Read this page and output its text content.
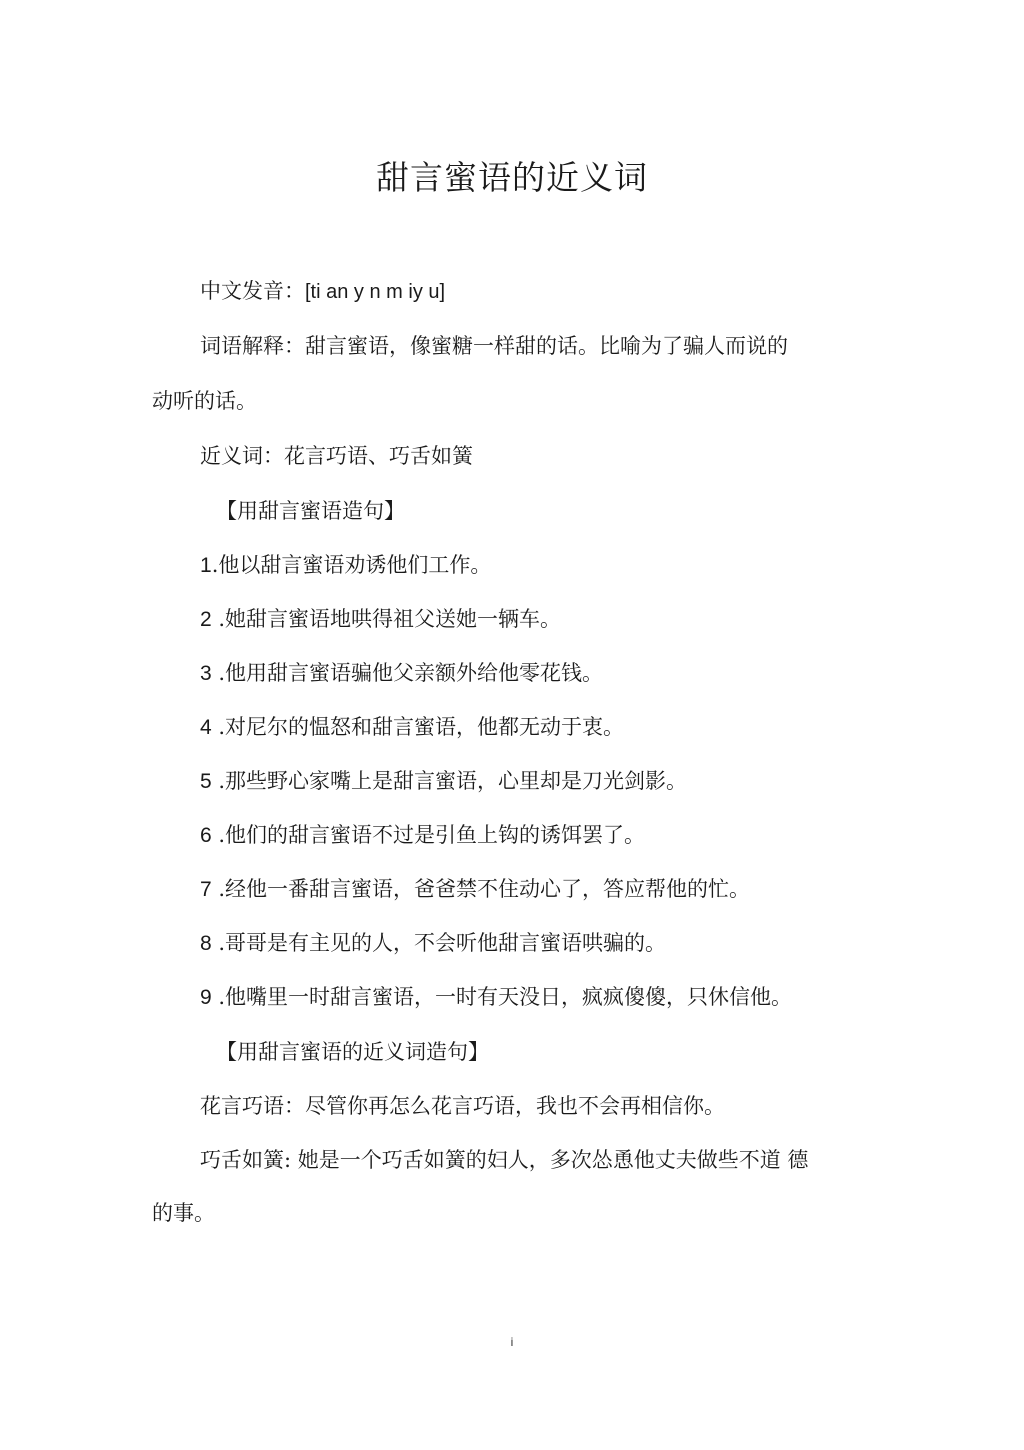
甜言蜜语的近义词

中文发音：[ti an y n m iy u]

词语解释：甜言蜜语，像蜜糖一样甜的话。比喻为了骗人而说的

动听的话。

近义词：花言巧语、巧舌如簧

【用甜言蜜语造句】

1.他以甜言蜜语劝诱他们工作。

2 .她甜言蜜语地哄得祖父送她一辆车。

3 .他用甜言蜜语骗他父亲额外给他零花钱。

4 .对尼尔的愠怒和甜言蜜语，他都无动于衷。

5 .那些野心家嘴上是甜言蜜语，心里却是刀光剑影。

6 .他们的甜言蜜语不过是引鱼上钩的诱饵罢了。

7 .经他一番甜言蜜语，爸爸禁不住动心了，答应帮他的忙。

8 .哥哥是有主见的人，不会听他甜言蜜语哄骗的。

9 .他嘴里一时甜言蜜语，一时有天没日，疯疯傻傻，只休信他。

【用甜言蜜语的近义词造句】

花言巧语：尽管你再怎么花言巧语，我也不会再相信你。

巧舌如簧: 她是一个巧舌如簧的妇人，多次怂恿他丈夫做些不道 德

的事。

i
